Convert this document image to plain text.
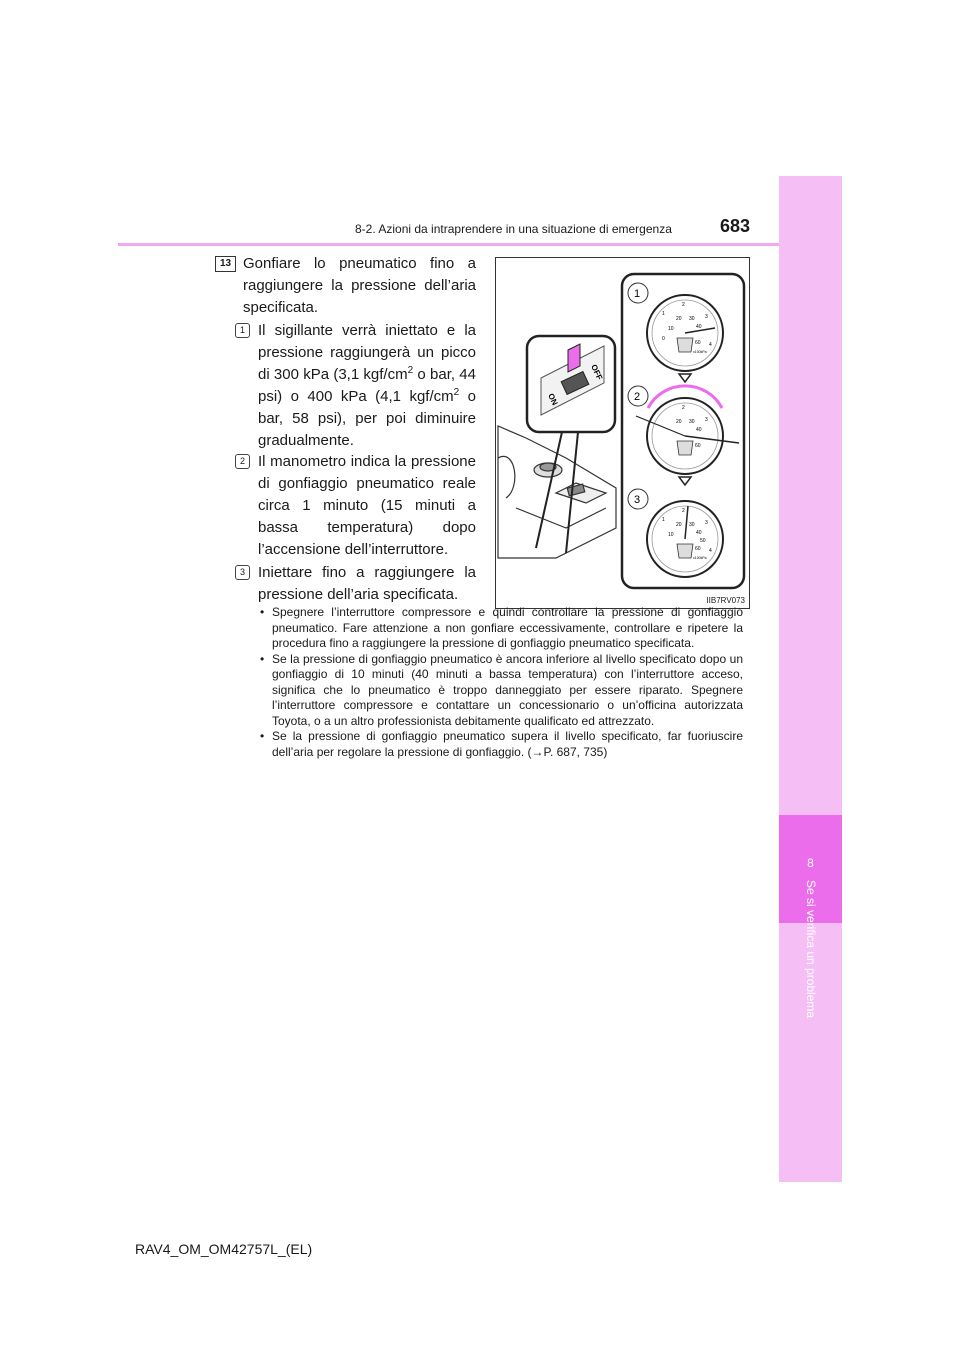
8
Se si verifica un problema
8-2. Azioni da intraprendere in una situazione di emergenza	683
13 Gonfiare lo pneumatico fino a raggiungere la pressione dell’aria specificata.
1 Il sigillante verrà iniettato e la pressione raggiungerà un picco di 300 kPa (3,1 kgf/$cm^2$ o bar, 44 psi) o 400 kPa (4,1 kgf/$cm^2$ o bar, 58 psi), per poi diminuire gradualmente.
2 Il manometro indica la pressione di gonfiaggio pneumatico reale circa 1 minuto (15 minuti a bassa temperatura) dopo l’accensione dell’interruttore.
3 Iniettare fino a raggiungere la pressione dell’aria specificata.
OFF
ON
1
2
3
2
1	3
4
20 30
10	40
60
0
x100kPa
2
3
20 30
40
60
2
1	3
4
20 30
10	40
50
60
x100kPa
IIB7RV073
• Spegnere l’interruttore compressore e quindi controllare la pressione di gonfiaggio pneumatico. Fare attenzione a non gonfiare eccessivamente, controllare e ripetere la procedura fino a raggiungere la pressione di gonfiaggio pneumatico specificata.
• Se la pressione di gonfiaggio pneumatico è ancora inferiore al livello specificato dopo un gonfiaggio di 10 minuti (40 minuti a bassa temperatura) con l’interruttore acceso, significa che lo pneumatico è troppo danneggiato per essere riparato. Spegnere l’interruttore compressore e contattare un concessionario o un’officina autorizzata Toyota, o a un altro professionista debitamente qualificato ed attrezzato.
• Se la pressione di gonfiaggio pneumatico supera il livello specificato, far fuoriuscire dell’aria per regolare la pressione di gonfiaggio. (→P. 687, 735)
RAV4_OM_OM42757L_(EL)
